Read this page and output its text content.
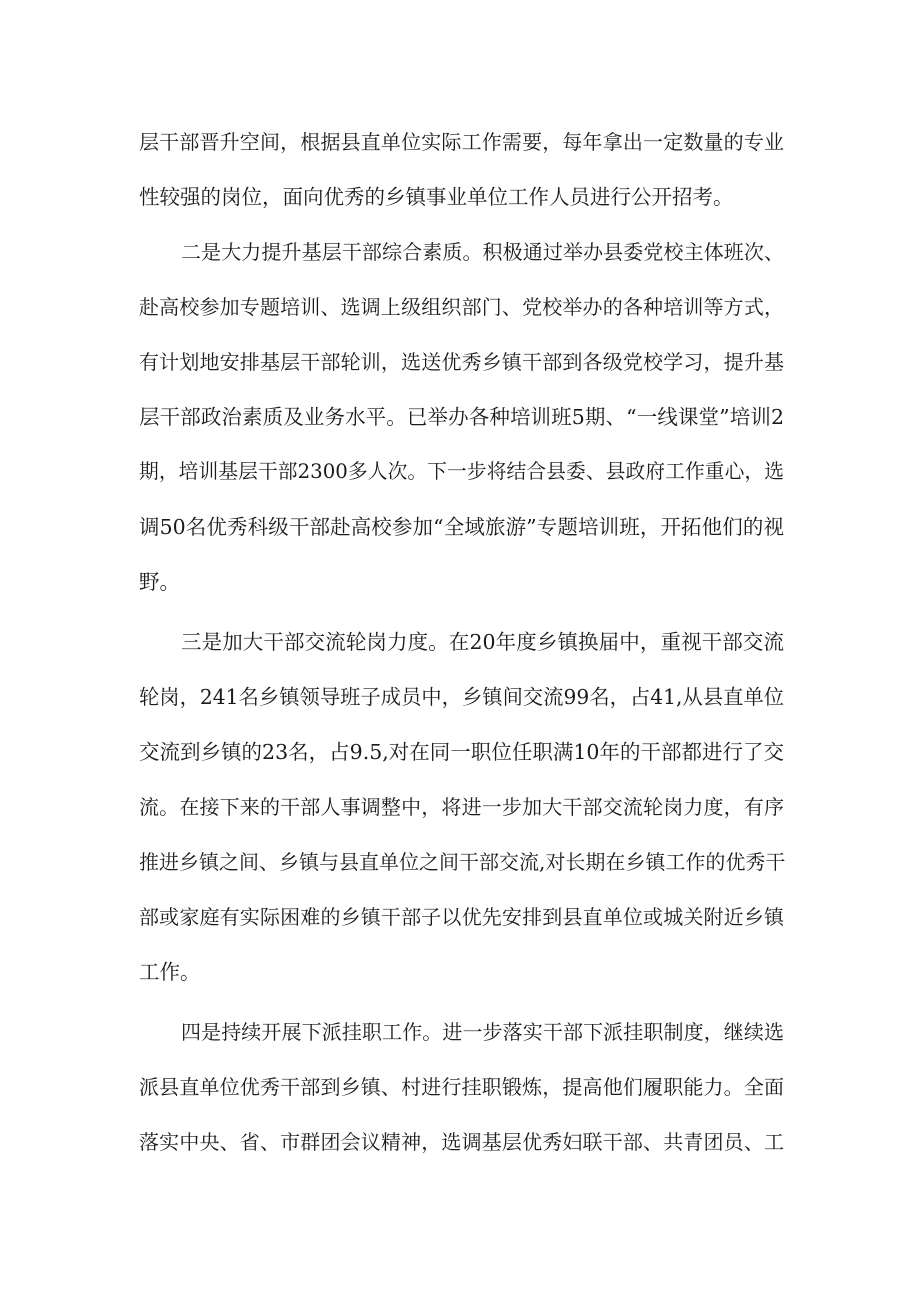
层干部晋升空间，根据县直单位实际工作需要，每年拿出一定数量的专业
性较强的岗位，面向优秀的乡镇事业单位工作人员进行公开招考。
二是大力提升基层干部综合素质。积极通过举办县委党校主体班次、
赴高校参加专题培训、选调上级组织部门、党校举办的各种培训等方式，
有计划地安排基层干部轮训，选送优秀乡镇干部到各级党校学习，提升基
层干部政治素质及业务水平。已举办各种培训班5期、“一线课堂”培训2
期，培训基层干部2300多人次。下一步将结合县委、县政府工作重心，选
调50名优秀科级干部赴高校参加“全域旅游”专题培训班，开拓他们的视
野。
三是加大干部交流轮岗力度。在20年度乡镇换届中，重视干部交流
轮岗，241名乡镇领导班子成员中，乡镇间交流99名，占41,从县直单位
交流到乡镇的23名，占9.5,对在同一职位任职满10年的干部都进行了交
流。在接下来的干部人事调整中，将进一步加大干部交流轮岗力度，有序
推进乡镇之间、乡镇与县直单位之间干部交流,对长期在乡镇工作的优秀干
部或家庭有实际困难的乡镇干部子以优先安排到县直单位或城关附近乡镇
工作。
四是持续开展下派挂职工作。进一步落实干部下派挂职制度，继续选
派县直单位优秀干部到乡镇、村进行挂职锻炼，提高他们履职能力。全面
落实中央、省、市群团会议精神，选调基层优秀妇联干部、共青团员、工
